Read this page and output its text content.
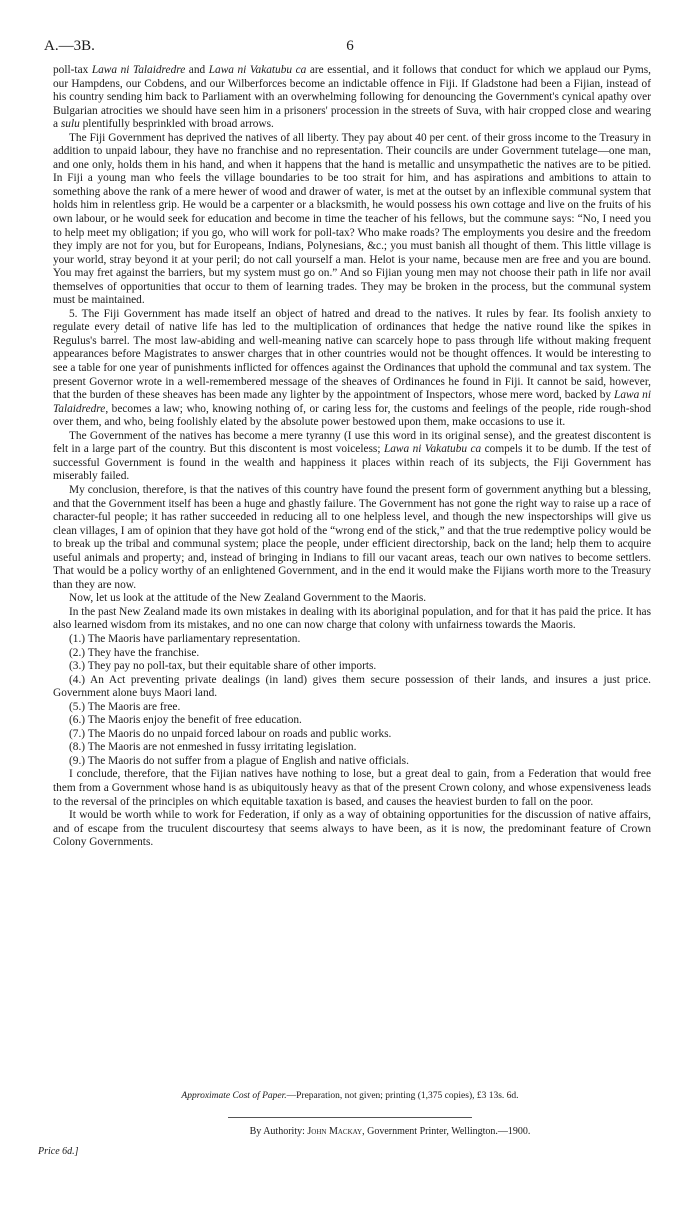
A.—3B.	6

poll-tax Lawa ni Talaidredre and Lawa ni Vakatubu ca are essential, and it follows that conduct for which we applaud our Pyms, our Hampdens, our Cobdens, and our Wilberforces become an indictable offence in Fiji. If Gladstone had been a Fijian, instead of his country sending him back to Parliament with an overwhelming following for denouncing the Government's cynical apathy over Bulgarian atrocities we should have seen him in a prisoners' procession in the streets of Suva, with hair cropped close and wearing a sulu plentifully besprinkled with broad arrows.

The Fiji Government has deprived the natives of all liberty. They pay about 40 per cent. of their gross income to the Treasury in addition to unpaid labour, they have no franchise and no representation. Their councils are under Government tutelage—one man, and one only, holds them in his hand, and when it happens that the hand is metallic and unsympathetic the natives are to be pitied. In Fiji a young man who feels the village boundaries to be too strait for him, and has aspirations and ambitions to attain to something above the rank of a mere hewer of wood and drawer of water, is met at the outset by an inflexible communal system that holds him in relentless grip. He would be a carpenter or a blacksmith, he would possess his own cottage and live on the fruits of his own labour, or he would seek for education and become in time the teacher of his fellows, but the commune says: “No, I need you to help meet my obligation; if you go, who will work for poll-tax? Who make roads? The employments you desire and the freedom they imply are not for you, but for Europeans, Indians, Polynesians, &c.; you must banish all thought of them. This little village is your world, stray beyond it at your peril; do not call yourself a man. Helot is your name, because men are free and you are bound. You may fret against the barriers, but my system must go on.” And so Fijian young men may not choose their path in life nor avail themselves of opportunities that occur to them of learning trades. They may be broken in the process, but the communal system must be maintained.

5. The Fiji Government has made itself an object of hatred and dread to the natives. It rules by fear. Its foolish anxiety to regulate every detail of native life has led to the multiplication of ordinances that hedge the native round like the spikes in Regulus's barrel. The most law-abiding and well-meaning native can scarcely hope to pass through life without making frequent appearances before Magistrates to answer charges that in other countries would not be thought offences. It would be interesting to see a table for one year of punishments inflicted for offences against the Ordinances that uphold the communal and tax system. The present Governor wrote in a well-remembered message of the sheaves of Ordinances he found in Fiji. It cannot be said, however, that the burden of these sheaves has been made any lighter by the appointment of Inspectors, whose mere word, backed by Lawa ni Talaidredre, becomes a law; who, knowing nothing of, or caring less for, the customs and feelings of the people, ride rough-shod over them, and who, being foolishly elated by the absolute power bestowed upon them, make occasions to use it.

The Government of the natives has become a mere tyranny (I use this word in its original sense), and the greatest discontent is felt in a large part of the country. But this discontent is most voiceless; Lawa ni Vakatubu ca compels it to be dumb. If the test of successful Government is found in the wealth and happiness it places within reach of its subjects, the Fiji Government has miserably failed.

My conclusion, therefore, is that the natives of this country have found the present form of government anything but a blessing, and that the Government itself has been a huge and ghastly failure. The Government has not gone the right way to raise up a race of character-ful people; it has rather succeeded in reducing all to one helpless level, and though the new inspectorships will give us clean villages, I am of opinion that they have got hold of the “wrong end of the stick,” and that the true redemptive policy would be to break up the tribal and communal system; place the people, under efficient directorship, back on the land; help them to acquire useful animals and property; and, instead of bringing in Indians to fill our vacant areas, teach our own natives to become settlers. That would be a policy worthy of an enlightened Government, and in the end it would make the Fijians worth more to the Treasury than they are now.

Now, let us look at the attitude of the New Zealand Government to the Maoris.

In the past New Zealand made its own mistakes in dealing with its aboriginal population, and for that it has paid the price. It has also learned wisdom from its mistakes, and no one can now charge that colony with unfairness towards the Maoris.

(1.) The Maoris have parliamentary representation.

(2.) They have the franchise.

(3.) They pay no poll-tax, but their equitable share of other imports.

(4.) An Act preventing private dealings (in land) gives them secure possession of their lands, and insures a just price. Government alone buys Maori land.

(5.) The Maoris are free.

(6.) The Maoris enjoy the benefit of free education.

(7.) The Maoris do no unpaid forced labour on roads and public works.

(8.) The Maoris are not enmeshed in fussy irritating legislation.

(9.) The Maoris do not suffer from a plague of English and native officials.

I conclude, therefore, that the Fijian natives have nothing to lose, but a great deal to gain, from a Federation that would free them from a Government whose hand is as ubiquitously heavy as that of the present Crown colony, and whose expensiveness leads to the reversal of the principles on which equitable taxation is based, and causes the heaviest burden to fall on the poor.

It would be worth while to work for Federation, if only as a way of obtaining opportunities for the discussion of native affairs, and of escape from the truculent discourtesy that seems always to have been, as it is now, the predominant feature of Crown Colony Governments.

Approximate Cost of Paper.—Preparation, not given; printing (1,375 copies), £3 13s. 6d.
By Authority: John Mackay, Government Printer, Wellington.—1900.
Price 6d.]
